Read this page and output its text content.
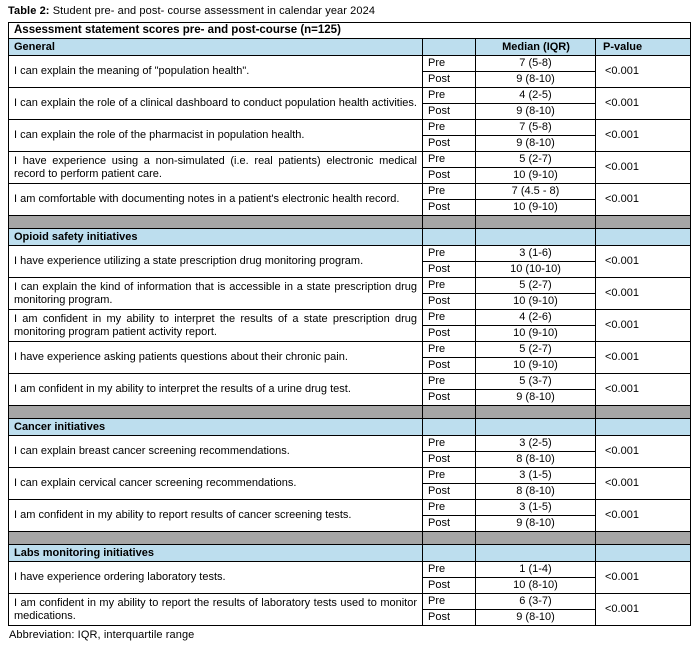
Table 2: Student pre- and post- course assessment in calendar year 2024
Assessment statement scores pre- and post-course (n=125)			
General		Median (IQR)	P-value
I can explain the meaning of "population health".	Pre	7 (5-8)	<0.001
	Post	9 (8-10)	
I can explain the role of a clinical dashboard to conduct population health activities.	Pre	4 (2-5)	<0.001
	Post	9 (8-10)	
I can explain the role of the pharmacist in population health.	Pre	7 (5-8)	<0.001
	Post	9 (8-10)	
I have experience using a non-simulated (i.e. real patients) electronic medical record to perform patient care.	Pre	5 (2-7)	<0.001
	Post	10 (9-10)	
I am comfortable with documenting notes in a patient's electronic health record.	Pre	7 (4.5 - 8)	<0.001
	Post	10 (9-10)	

Opioid safety initiatives			
I have experience utilizing a state prescription drug monitoring program.	Pre	3 (1-6)	<0.001
	Post	10 (10-10)	
I can explain the kind of information that is accessible in a state prescription drug monitoring program.	Pre	5 (2-7)	<0.001
	Post	10 (9-10)	
I am confident in my ability to interpret the results of a state prescription drug monitoring program patient activity report.	Pre	4 (2-6)	<0.001
	Post	10 (9-10)	
I have experience asking patients questions about their chronic pain.	Pre	5 (2-7)	<0.001
	Post	10 (9-10)	
I am confident in my ability to interpret the results of a urine drug test.	Pre	5 (3-7)	<0.001
	Post	9 (8-10)	

Cancer initiatives			
I can explain breast cancer screening recommendations.	Pre	3 (2-5)	<0.001
	Post	8 (8-10)	
I can explain cervical cancer screening recommendations.	Pre	3 (1-5)	<0.001
	Post	8 (8-10)	
I am confident in my ability to report results of cancer screening tests.	Pre	3 (1-5)	<0.001
	Post	9 (8-10)	

Labs monitoring initiatives			
I have experience ordering laboratory tests.	Pre	1 (1-4)	<0.001
	Post	10 (8-10)	
I am confident in my ability to report the results of laboratory tests used to monitor medications.	Pre	6 (3-7)	<0.001
	Post	9 (8-10)	
Abbreviation: IQR, interquartile range
